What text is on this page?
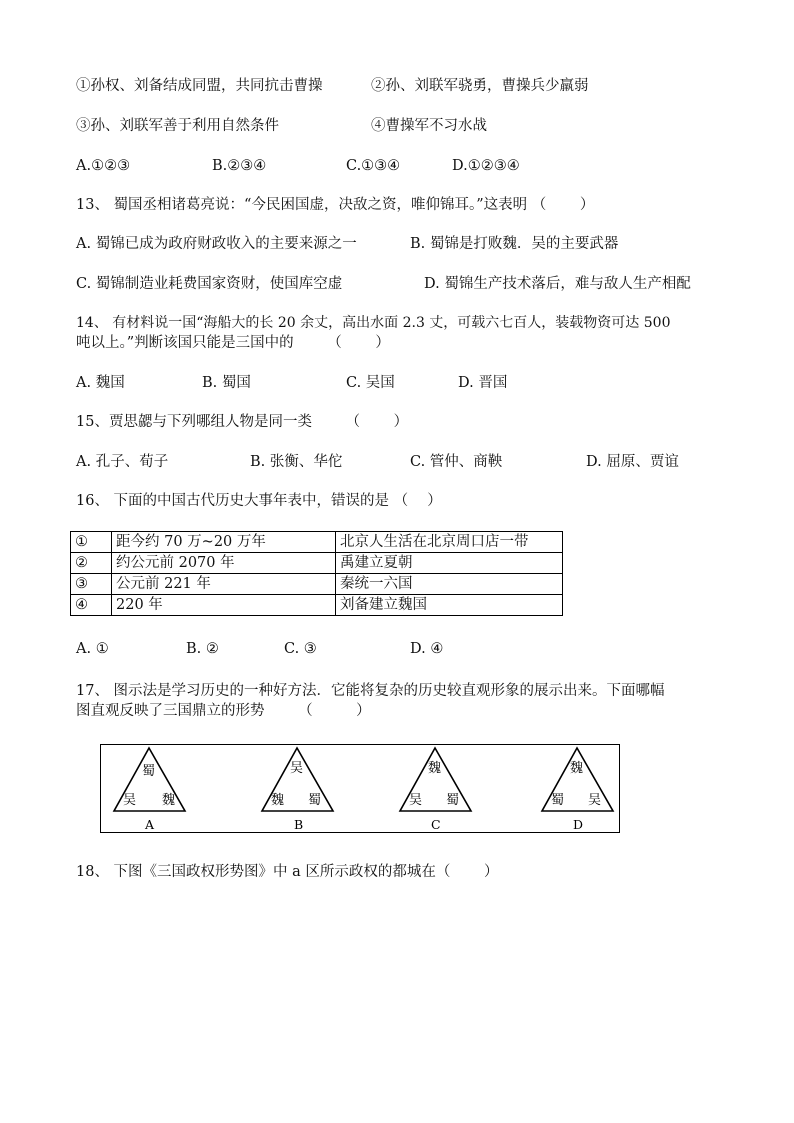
①孙权、刘备结成同盟，共同抗击曹操	②孙、刘联军骁勇，曹操兵少羸弱
③孙、刘联军善于利用自然条件	④曹操军不习水战
A.①②③	B.②③④	C.①③④	D.①②③④
13、 蜀国丞相诸葛亮说：“今民困国虚，决敌之资，唯仰锦耳。”这表明 （　　 ）
A. 蜀锦已成为政府财政收入的主要来源之一	B. 蜀锦是打败魏．吴的主要武器
C. 蜀锦制造业耗费国家资财，使国库空虚	D. 蜀锦生产技术落后，难与敌人生产相配
14、 有材料说一国“海船大的长 20 余丈，高出水面 2.3 丈，可载六七百人，装载物资可达 500
吨以上。”判断该国只能是三国中的　　 （　　 ）
A. 魏国	B. 蜀国	C. 吴国	D. 晋国
15、贾思勰与下列哪组人物是同一类　　 （　　 ）
A. 孔子、荀子	B. 张衡、华佗	C. 管仲、商鞅	D. 屈原、贾谊
16、 下面的中国古代历史大事年表中，错误的是 （　 ）
①	距今约 70 万~20 万年	北京人生活在北京周口店一带
②	约公元前 2070 年	禹建立夏朝
③	公元前 221 年	秦统一六国
④	220 年	刘备建立魏国
A. ①	B. ②	C. ③	D. ④
17、 图示法是学习历史的一种好方法．它能将复杂的历史较直观形象的展示出来。下面哪幅
图直观反映了三国鼎立的形势　　 （　　　）
蜀
吴 魏
A
吴
魏 蜀
B
魏
吴 蜀
C
魏
蜀 吴
D
18、 下图《三国政权形势图》中 a 区所示政权的都城在（　　 ）
